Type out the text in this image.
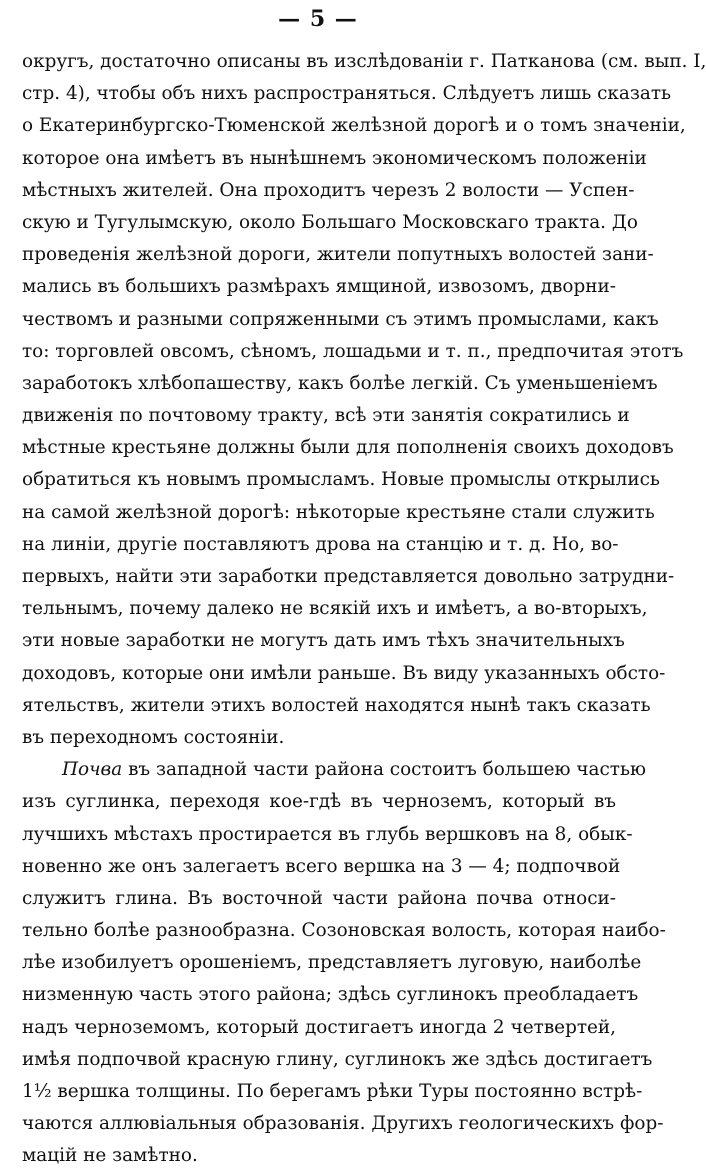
— 5 —
округъ, достаточно описаны въ изслѣдованіи г. Патканова (см. вып. I,
стр. 4), чтобы объ нихъ распространяться. Слѣдуетъ лишь сказать
о Екатеринбургско-Тюменской желѣзной дорогѣ и о томъ значеніи,
которое она имѣетъ въ нынѣшнемъ экономическомъ положеніи
мѣстныхъ жителей. Она проходитъ черезъ 2 волости — Успен-
скую и Тугулымскую, около Большаго Московскаго тракта. До
проведенія желѣзной дороги, жители попутныхъ волостей зани-
мались въ большихъ размѣрахъ ямщиной, извозомъ, дворни-
чествомъ и разными сопряженными съ этимъ промыслами, какъ
то: торговлей овсомъ, сѣномъ, лошадьми и т. п., предпочитая этотъ
заработокъ хлѣбопашеству, какъ болѣе легкій. Съ уменьшеніемъ
движенія по почтовому тракту, всѣ эти занятія сократились и
мѣстные крестьяне должны были для пополненія своихъ доходовъ
обратиться къ новымъ промысламъ. Новые промыслы открылись
на самой желѣзной дорогѣ: нѣкоторые крестьяне стали служить
на линіи, другіе поставляютъ дрова на станцію и т. д. Но, во-
первыхъ, найти эти заработки представляется довольно затрудни-
тельнымъ, почему далеко не всякій ихъ и имѣетъ, а во-вторыхъ,
эти новые заработки не могутъ дать имъ тѣхъ значительныхъ
доходовъ, которые они имѣли раньше. Въ виду указанныхъ обсто-
ятельствъ, жители этихъ волостей находятся нынѣ такъ сказать
въ переходномъ состояніи.
Почва въ западной части района состоитъ большею частью
изъ суглинка, переходя кое-гдѣ въ черноземъ, который въ
лучшихъ мѣстахъ простирается въ глубь вершковъ на 8, обык-
новенно же онъ залегаетъ всего вершка на 3 — 4; подпочвой
служитъ глина. Въ восточной части района почва относи-
тельно болѣе разнообразна. Созоновская волость, которая наибо-
лѣе изобилуетъ орошеніемъ, представляетъ луговую, наиболѣе
низменную часть этого района; здѣсь суглинокъ преобладаетъ
надъ черноземомъ, который достигаетъ иногда 2 четвертей,
имѣя подпочвой красную глину, суглинокъ же здѣсь достигаетъ
1½ вершка толщины. По берегамъ рѣки Туры постоянно встрѣ-
чаются аллювіальныя образованія. Другихъ геологическихъ фор-
мацій не замѣтно.
